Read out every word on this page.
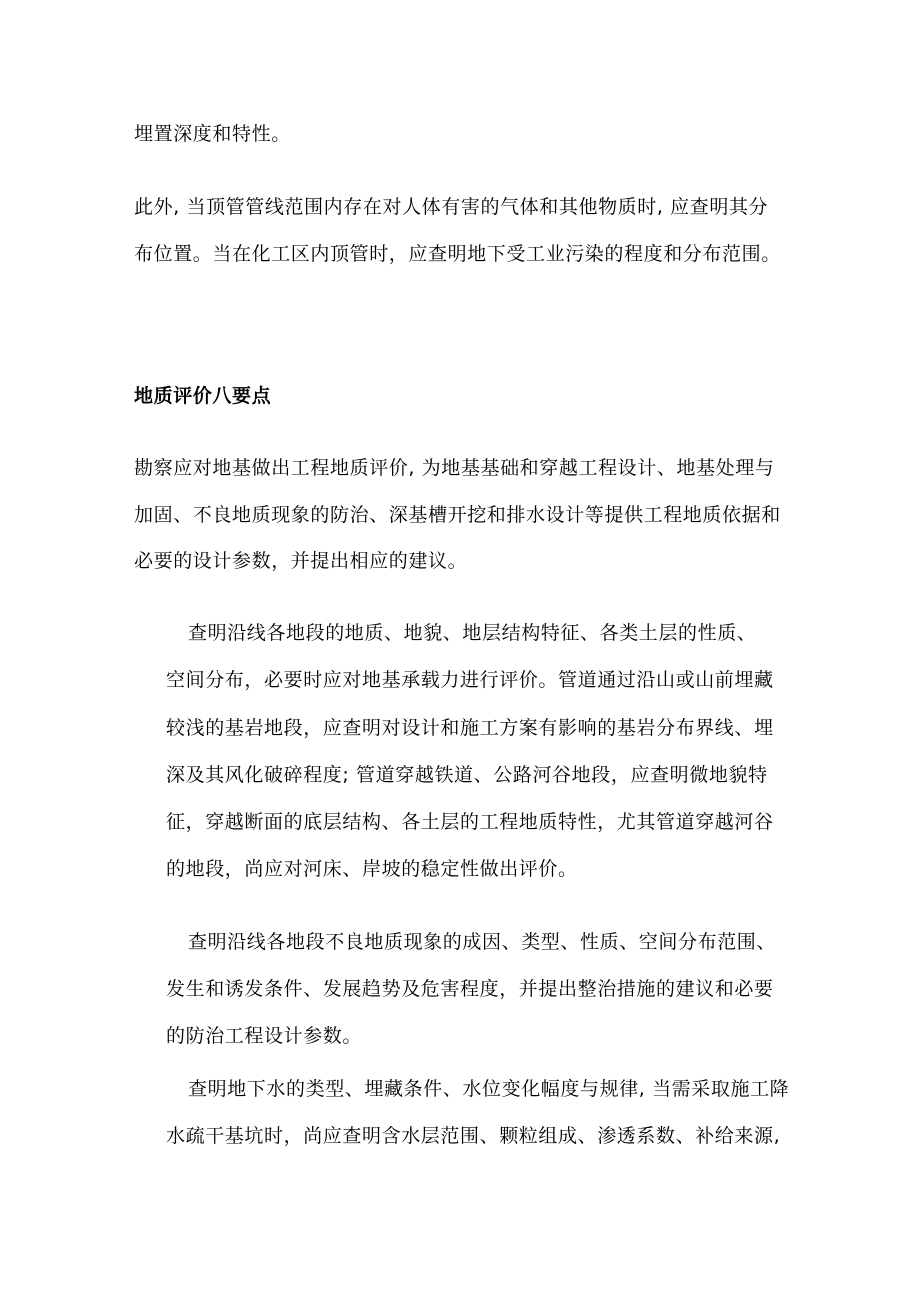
埋置深度和特性。
此外, 当顶管管线范围内存在对人体有害的气体和其他物质时, 应查明其分
布位置。当在化工区内顶管时，应查明地下受工业污染的程度和分布范围。
地质评价八要点
勘察应对地基做出工程地质评价, 为地基基础和穿越工程设计、地基处理与
加固、不良地质现象的防治、深基槽开挖和排水设计等提供工程地质依据和
必要的设计参数，并提出相应的建议。
查明沿线各地段的地质、地貌、地层结构特征、各类土层的性质、
空间分布，必要时应对地基承载力进行评价。管道通过沿山或山前埋藏
较浅的基岩地段，应查明对设计和施工方案有影响的基岩分布界线、埋
深及其风化破碎程度; 管道穿越铁道、公路河谷地段，应查明微地貌特
征，穿越断面的底层结构、各土层的工程地质特性，尤其管道穿越河谷
的地段，尚应对河床、岸坡的稳定性做出评价。
查明沿线各地段不良地质现象的成因、类型、性质、空间分布范围、
发生和诱发条件、发展趋势及危害程度，并提出整治措施的建议和必要
的防治工程设计参数。
查明地下水的类型、埋藏条件、水位变化幅度与规律, 当需采取施工降
水疏干基坑时，尚应查明含水层范围、颗粒组成、渗透系数、补给来源,
